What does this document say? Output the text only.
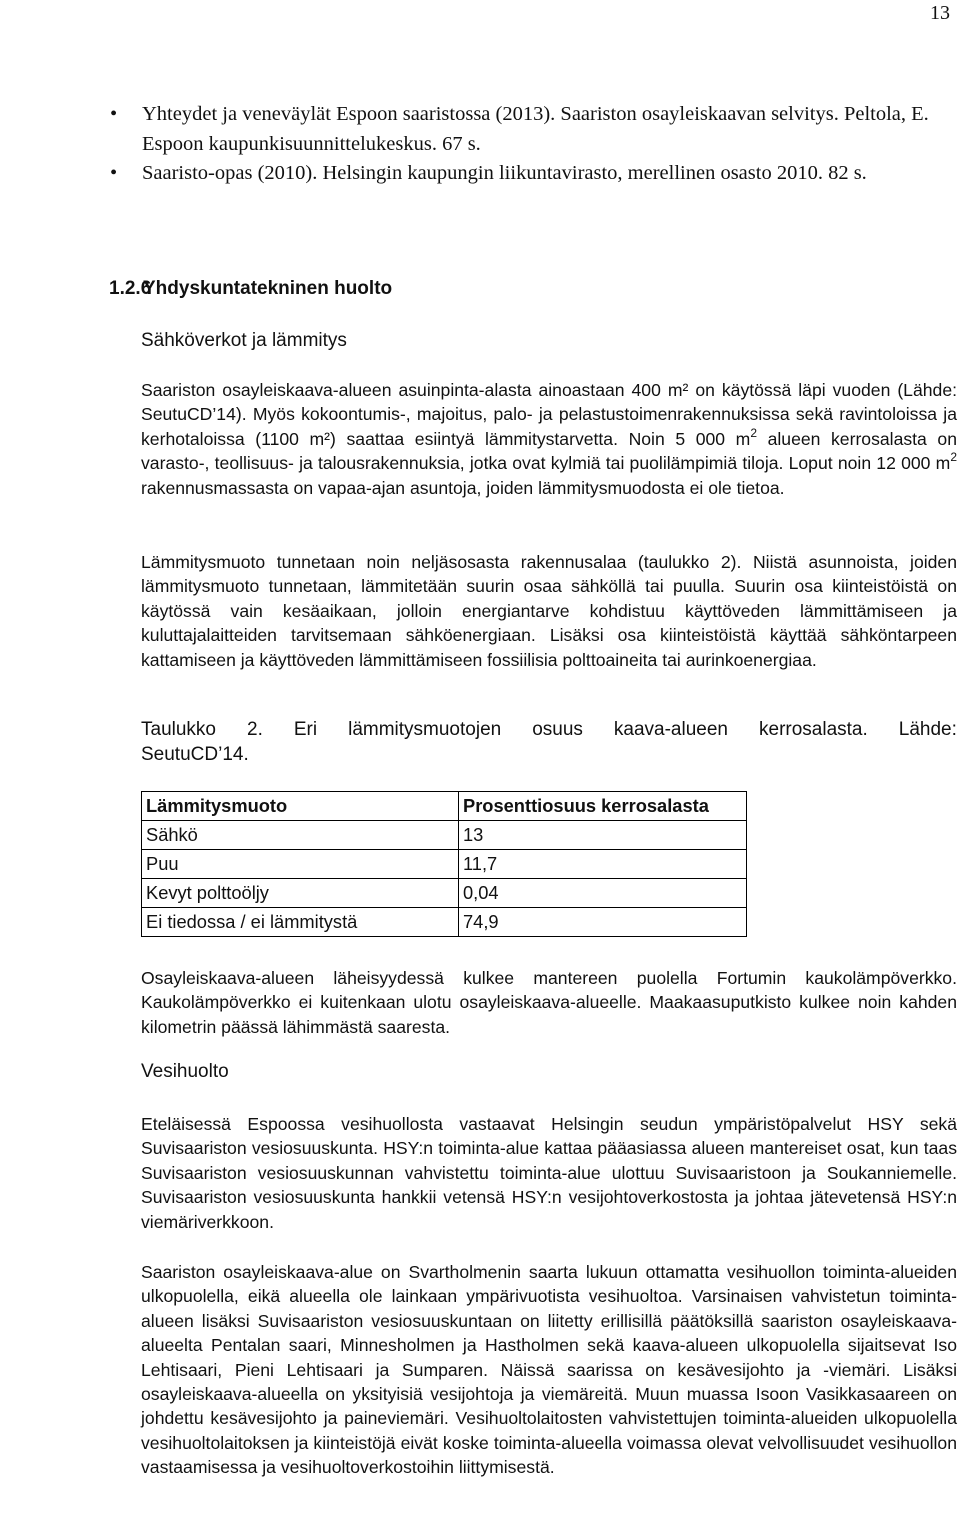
13
• Yhteydet ja veneväylät Espoon saaristossa (2013). Saariston osayleiskaavan selvitys. Peltola, E. Espoon kaupunkisuunnittelukeskus. 67 s.
• Saaristo-opas (2010). Helsingin kaupungin liikuntavirasto, merellinen osasto 2010. 82 s.
1.2.6Yhdyskuntatekninen huolto
Sähköverkot ja lämmitys

Saariston osayleiskaava-alueen asuinpinta-alasta ainoastaan 400 m² on käytössä läpi vuoden (Lähde: SeutuCD’14). Myös kokoontumis-, majoitus, palo- ja pelastustoimenrakennuksissa sekä ravintoloissa ja kerhotaloissa (1100 m²) saattaa esiintyä lämmitystarvetta. Noin 5 000 $m^2$ alueen kerrosalasta on varasto-, teollisuus- ja talousrakennuksia, jotka ovat kylmiä tai puolilämpimiä tiloja. Loput noin 12 000 $m^2$ rakennusmassasta on vapaa-ajan asuntoja, joiden lämmitysmuodosta ei ole tietoa.

Lämmitysmuoto tunnetaan noin neljäsosasta rakennusalaa (taulukko 2). Niistä asunnoista, joiden lämmitysmuoto tunnetaan, lämmitetään suurin osaa sähköllä tai puulla. Suurin osa kiinteistöistä on käytössä vain kesäaikaan, jolloin energiantarve kohdistuu käyttöveden lämmittämiseen ja kuluttajalaitteiden tarvitsemaan sähköenergiaan. Lisäksi osa kiinteistöistä käyttää sähköntarpeen kattamiseen ja käyttöveden lämmittämiseen fossiilisia polttoaineita tai aurinkoenergiaa.

Taulukko 2. Eri lämmitysmuotojen osuus kaava-alueen kerrosalasta. Lähde:
SeutuCD’14.
Lämmitysmuoto	Prosenttiosuus kerrosalasta
Sähkö	13
Puu	11,7
Kevyt polttoöljy	0,04
Ei tiedossa / ei lämmitystä	74,9

Osayleiskaava-alueen läheisyydessä kulkee mantereen puolella Fortumin kaukolämpöverkko. Kaukolämpöverkko ei kuitenkaan ulotu osayleiskaava-alueelle. Maakaasuputkisto kulkee noin kahden kilometrin päässä lähimmästä saaresta.

Vesihuolto

Eteläisessä Espoossa vesihuollosta vastaavat Helsingin seudun ympäristöpalvelut HSY sekä Suvisaariston vesiosuuskunta. HSY:n toiminta-alue kattaa pääasiassa alueen mantereiset osat, kun taas Suvisaariston vesiosuuskunnan vahvistettu toiminta-alue ulottuu Suvisaaristoon ja Soukanniemelle. Suvisaariston vesiosuuskunta hankkii vetensä HSY:n vesijohtoverkostosta ja johtaa jätevetensä HSY:n viemäriverkkoon.

Saariston osayleiskaava-alue on Svartholmenin saarta lukuun ottamatta vesihuollon toiminta-alueiden ulkopuolella, eikä alueella ole lainkaan ympärivuotista vesihuoltoa. Varsinaisen vahvistetun toiminta-alueen lisäksi Suvisaariston vesiosuuskuntaan on liitetty erillisillä päätöksillä saariston osayleiskaava-alueelta Pentalan saari, Minnesholmen ja Hastholmen sekä kaava-alueen ulkopuolella sijaitsevat Iso Lehtisaari, Pieni Lehtisaari ja Sumparen. Näissä saarissa on kesävesijohto ja -viemäri. Lisäksi osayleiskaava-alueella on yksityisiä vesijohtoja ja viemäreitä. Muun muassa Isoon Vasikkasaareen on johdettu kesävesijohto ja paineviemäri. Vesihuoltolaitosten vahvistettujen toiminta-alueiden ulkopuolella vesihuoltolaitoksen ja kiinteistöjä eivät koske toiminta-alueella voimassa olevat velvollisuudet vesihuollon vastaamisessa ja vesihuoltoverkostoihin liittymisestä.
